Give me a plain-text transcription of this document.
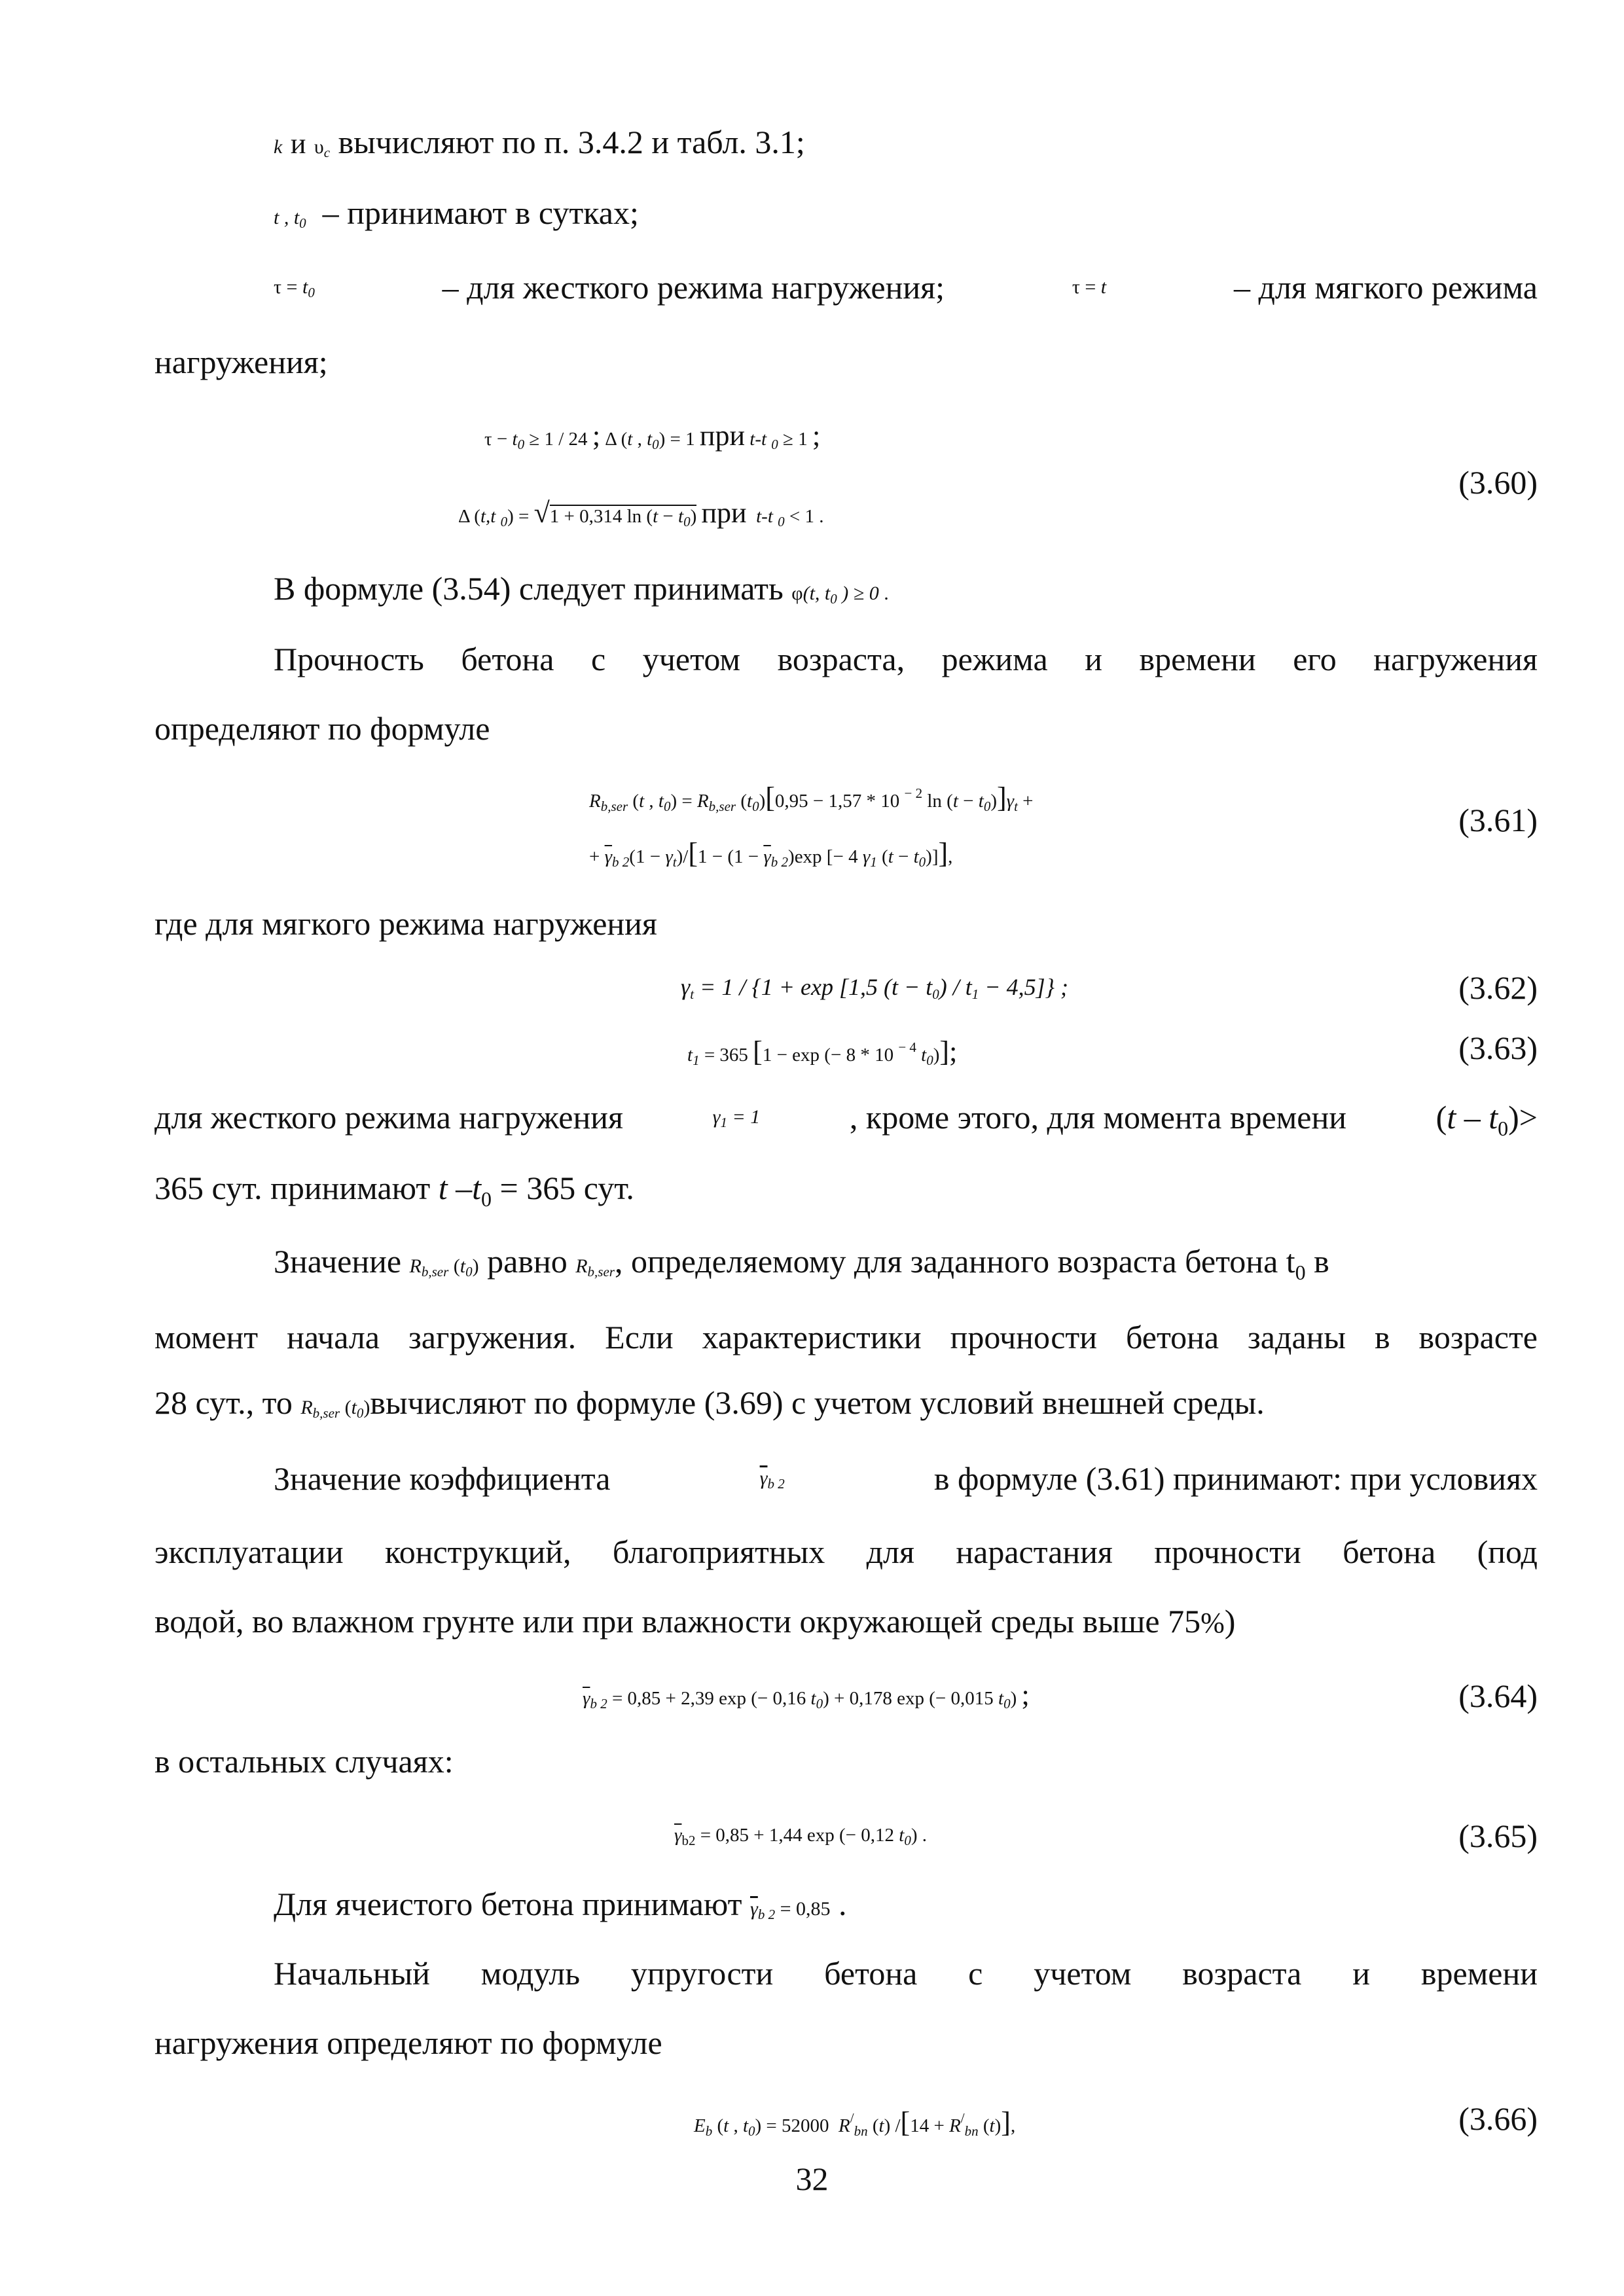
k и $\upsilon_c$ вычисляют по п. 3.4.2 и табл. 3.1;
t , $t_0$ – принимают в сутках;
$\tau = t_0$	– для жесткого режима нагружения;	τ = t	– для мягкого режима
нагружения;
$\tau - t_0 \ge 1 / 24$ ; Δ (t , $t_0) = 1$ при t-t $_0$ ≥ 1 ;
(3.60)
Δ (t,t $_0$) = √1 + 0,314 $\ln (t - t_0)$ при t-t $_0$ < 1 .
В формуле (3.54) следует принимать φ(t, $t_0$ ) ≥ 0 .
Прочность бетона с учетом возраста, режима и времени его нагружения
определяют по формуле
$R_{b,ser}$ (t , $t_0) = R_{b,ser}$ $(t_0)[0,95 - 1,57 * 10$ $^{- 2}$ $\ln (t - t_0)]\gamma_t$ +
(3.61)
+ $\overline{\gamma}_{b 2}(1 - \gamma_t)/[1 - (1 - \overline{\gamma}_{b 2})\exp$ [− 4 $\gamma_1$ $(t - t_0)$]],
где для мягкого режима нагружения
$\gamma_t = 1 / \{1 + \exp [1,5$ $(t - t_0) / t_1 - 4,5$]} ;	(3.62)
$t_1 = 365$ [1 − exp (− 8 * 10 $^{- 4}$ $t_0$)];	(3.63)
для жесткого режима нагружения	$\gamma_1 = 1$	, кроме этого, для момента времени	$(t - t_0)>$
365 сут. принимают t $-t_0 = 365$ сут.
Значение $R_{b,ser}$ $(t_0)$ равно $R_{b,ser}$, определяемому для заданного возраста бетона $t_0$ в
момент начала загружения. Если характеристики прочности бетона заданы в возрасте
28 сут., то $R_{b,ser}$ $(t_0)вычисляют$ по формуле (3.69) с учетом условий внешней среды.
Значение коэффициента	$\overline{\gamma}_{b 2}$	в формуле (3.61) принимают: при условиях
эксплуатации конструкций, благоприятных для нарастания прочности бетона (под
водой, во влажном грунте или при влажности окружающей среды выше 75%)
$\overline{\gamma}_{b 2} = 0,85 + 2,39$ exp (− 0,16 $t_0) + 0,178$ exp (− 0,015 $t_0$) ;	(3.64)
в остальных случаях:
$\overline{\gamma}_{b2} = 0,85 + 1,44$ exp (− 0,12 $t_0$) .	(3.65)
Для ячеистого бетона принимают $\overline{\gamma}_{b 2} = 0,85$ .
Начальный модуль упругости бетона с учетом возраста и времени
нагружения определяют по формуле
$E_b$ (t , $t_0) = 52000$  $R^/_{bn}$ (t) $/[14 + R^/_{bn}$ (t)],	(3.66)
32
